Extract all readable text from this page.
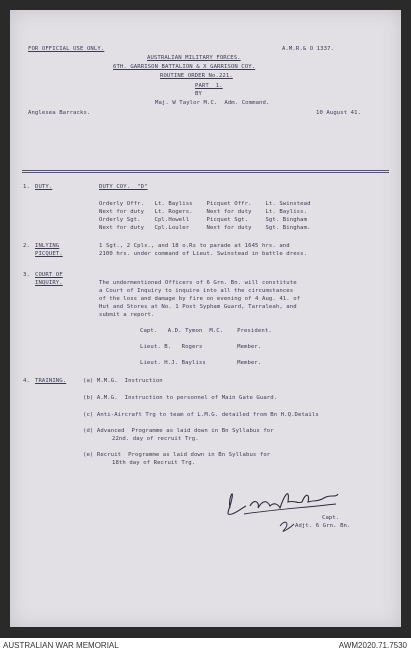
FOR OFFICIAL USE ONLY.	A.M.R.& O 1337.
AUSTRALIAN MILITARY FORCES.
6TH. GARRISON BATTALION & X GARRISON COY.
ROUTINE ORDER No.221.
PART  1.
BY
Maj. W Taylor M.C.  Adm. Command.
Anglesea Barracks.	10 August 41.
1. DUTY.	DUTY COY.  "D"
Orderly Offr.   Lt. Bayliss    Picquet Offr.    Lt. Swinstead
Next for duty   Lt. Rogers.    Next for duty    Lt. Bayliss.
Orderly Sgt.    Cpl.Howell     Picquet Sgt.     Sgt. Bingham
Next for duty   Cpl.Louler     Next for duty    Sgt. Bingham.
2. INLYING
PICQUET.
1 Sgt., 2 Cpls., and 18 o.Rs to parade at 1645 hrs. and
2100 hrs. under command of Lieut. Swinstead in battle dress.
3. COURT OF
INQUIRY.	The undermentioned Officers of 6 Grn. Bn. will constitute
a Court of Inquiry to inquire into all the circumstances
of the loss and damage by fire on evening of 4 Aug. 41. of
Hut and Stores at No. 1 Post Sypham Guard, Tarraleah, and
submit a report.
Capt.   A.D. Tymon  M.C.    President.
Lieut. B.   Rogers          Member.
Lieut. H.J. Bayliss         Member.
4. TRAINING.	(a) M.M.G.  Instruction
(b) A.M.G.  Instruction to personnel of Main Gate Guard.
(c) Anti-Aircraft Trg to team of L.M.G. detailed from Bn H.Q.Details
(d) Advanced  Programme as laid down in Bn Syllabus for
22nd. day of recruit Trg.
(e) Recruit  Programme as laid down in Bn Syllabus for
18th day of Recruit Trg.
Capt.
Adjt. 6 Grn. Bn.
AUSTRALIAN WAR MEMORIAL	AWM2020.71.7530
